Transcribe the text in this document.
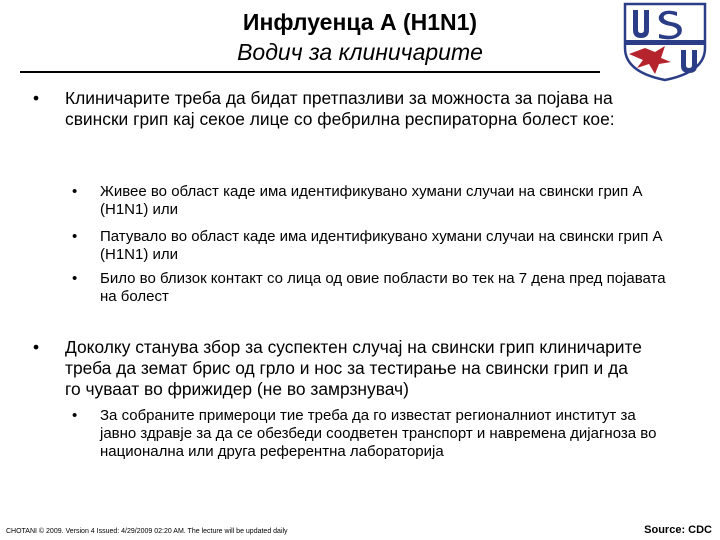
Инфлуенца А (H1N1)
Водич за клиничарите
•	Клиничарите треба да бидат претпазливи за можноста за појава на свински грип кај секое лице со фебрилна респираторна болест кое:
•	Живее во област каде има идентификувано хумани случаи на свински грип А (H1N1) или
•	Патувало во област каде има идентификувано хумани случаи на свински грип А (H1N1) или
•	Било во близок контакт со лица од овие побласти во тек на 7 дена пред појавата на болест
•	Доколку станува збор за суспектен случај на свински грип клиничарите треба да земат брис од грло и нос за тестирање на свински грип и да го чуваат во фрижидер (не во замрзнувач)
•	За собраните примероци тие треба да го известат регионалниот институт за јавно здравје за да се обезбеди соодветен транспорт и навремена дијагноза во национална или друга референтна лабораторија
CHOTANI © 2009. Version 4 Issued: 4/29/2009 02:20 AM. The lecture will be updated daily	Source: CDC
